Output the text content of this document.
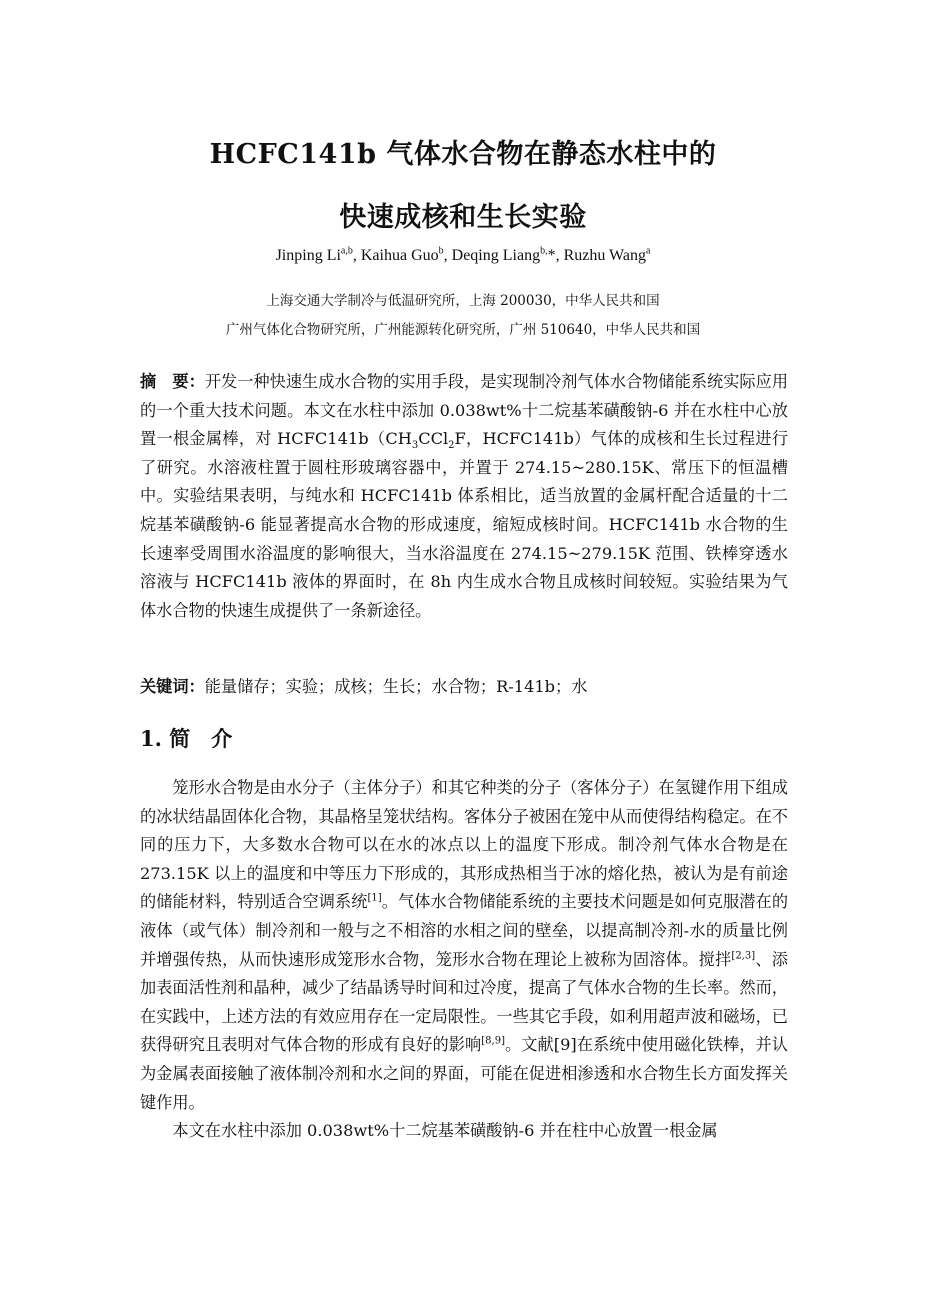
HCFC141b 气体水合物在静态水柱中的
快速成核和生长实验
Jinping Li$^{a,b}$, Kaihua Guo$^b$, Deqing Liang$^{b,}$*, Ruzhu Wang$^a$
上海交通大学制冷与低温研究所，上海 200030，中华人民共和国
广州气体化合物研究所，广州能源转化研究所，广州 510640，中华人民共和国

摘　要：开发一种快速生成水合物的实用手段，是实现制冷剂气体水合物储能系统实际应用的一个重大技术问题。本文在水柱中添加 0.038wt%十二烷基苯磺酸钠-6 并在水柱中心放置一根金属棒，对 $HCFC141b(CH_3CCl_2F$，HCFC141b）气体的成核和生长过程进行了研究。水溶液柱置于圆柱形玻璃容器中，并置于 274.15~280.15K、常压下的恒温槽中。实验结果表明，与纯水和 HCFC141b 体系相比，适当放置的金属杆配合适量的十二烷基苯磺酸钠-6 能显著提高水合物的形成速度，缩短成核时间。HCFC141b 水合物的生长速率受周围水浴温度的影响很大，当水浴温度在 274.15~279.15K 范围、铁棒穿透水溶液与 HCFC141b 液体的界面时，在 8h 内生成水合物且成核时间较短。实验结果为气体水合物的快速生成提供了一条新途径。

关键词：能量储存；实验；成核；生长；水合物；R-141b；水
1. 简　介

笼形水合物是由水分子（主体分子）和其它种类的分子（客体分子）在氢键作用下组成的冰状结晶固体化合物，其晶格呈笼状结构。客体分子被困在笼中从而使得结构稳定。在不同的压力下，大多数水合物可以在水的冰点以上的温度下形成。制冷剂气体水合物是在 273.15K 以上的温度和中等压力下形成的，其形成热相当于冰的熔化热，被认为是有前途的储能材料，特别适合空调系统[1]。气体水合物储能系统的主要技术问题是如何克服潜在的液体（或气体）制冷剂和一般与之不相溶的水相之间的壁垒，以提高制冷剂-水的质量比例并增强传热，从而快速形成笼形水合物，笼形水合物在理论上被称为固溶体。搅拌[2,3]、添加表面活性剂和晶种，减少了结晶诱导时间和过冷度，提高了气体水合物的生长率。然而，在实践中，上述方法的有效应用存在一定局限性。一些其它手段，如利用超声波和磁场，已获得研究且表明对气体合物的形成有良好的影响[8,9]。文献[9]在系统中使用磁化铁棒，并认为金属表面接触了液体制冷剂和水之间的界面，可能在促进相渗透和水合物生长方面发挥关键作用。

本文在水柱中添加 0.038wt%十二烷基苯磺酸钠-6 并在柱中心放置一根金属
